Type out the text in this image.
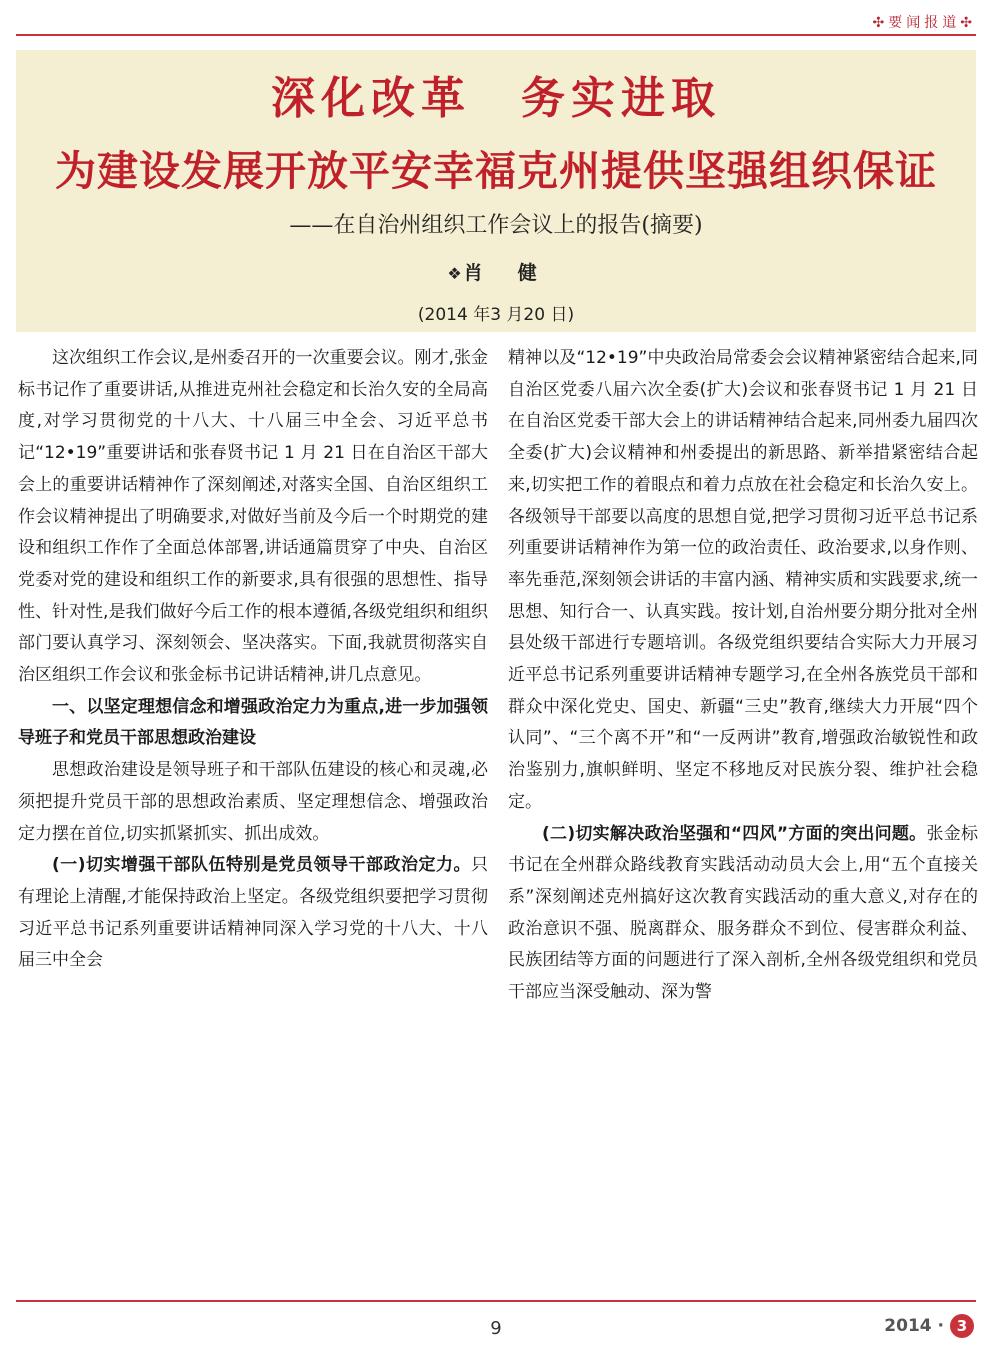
✣要闻报道✣
深化改革　务实进取
为建设发展开放平安幸福克州提供坚强组织保证
——在自治州组织工作会议上的报告(摘要)
❖肖　健
(2014 年3 月20 日)

这次组织工作会议,是州委召开的一次重要会议。刚才,张金标书记作了重要讲话,从推进克州社会稳定和长治久安的全局高度,对学习贯彻党的十八大、十八届三中全会、习近平总书记“12•19”重要讲话和张春贤书记 1 月 21 日在自治区干部大会上的重要讲话精神作了深刻阐述,对落实全国、自治区组织工作会议精神提出了明确要求,对做好当前及今后一个时期党的建设和组织工作作了全面总体部署,讲话通篇贯穿了中央、自治区党委对党的建设和组织工作的新要求,具有很强的思想性、指导性、针对性,是我们做好今后工作的根本遵循,各级党组织和组织部门要认真学习、深刻领会、坚决落实。下面,我就贯彻落实自治区组织工作会议和张金标书记讲话精神,讲几点意见。

一、以坚定理想信念和增强政治定力为重点,进一步加强领导班子和党员干部思想政治建设

思想政治建设是领导班子和干部队伍建设的核心和灵魂,必须把提升党员干部的思想政治素质、坚定理想信念、增强政治定力摆在首位,切实抓紧抓实、抓出成效。

(一)切实增强干部队伍特别是党员领导干部政治定力。只有理论上清醒,才能保持政治上坚定。各级党组织要把学习贯彻习近平总书记系列重要讲话精神同深入学习党的十八大、十八届三中全会

精神以及“12•19”中央政治局常委会会议精神紧密结合起来,同自治区党委八届六次全委(扩大)会议和张春贤书记 1 月 21 日在自治区党委干部大会上的讲话精神结合起来,同州委九届四次全委(扩大)会议精神和州委提出的新思路、新举措紧密结合起来,切实把工作的着眼点和着力点放在社会稳定和长治久安上。各级领导干部要以高度的思想自觉,把学习贯彻习近平总书记系列重要讲话精神作为第一位的政治责任、政治要求,以身作则、率先垂范,深刻领会讲话的丰富内涵、精神实质和实践要求,统一思想、知行合一、认真实践。按计划,自治州要分期分批对全州县处级干部进行专题培训。各级党组织要结合实际大力开展习近平总书记系列重要讲话精神专题学习,在全州各族党员干部和群众中深化党史、国史、新疆“三史”教育,继续大力开展“四个认同”、“三个离不开”和“一反两讲”教育,增强政治敏锐性和政治鉴别力,旗帜鲜明、坚定不移地反对民族分裂、维护社会稳定。

(二)切实解决政治坚强和“四风”方面的突出问题。张金标书记在全州群众路线教育实践活动动员大会上,用“五个直接关系”深刻阐述克州搞好这次教育实践活动的重大意义,对存在的政治意识不强、脱离群众、服务群众不到位、侵害群众利益、民族团结等方面的问题进行了深入剖析,全州各级党组织和党员干部应当深受触动、深为警

9	2014 · 3
